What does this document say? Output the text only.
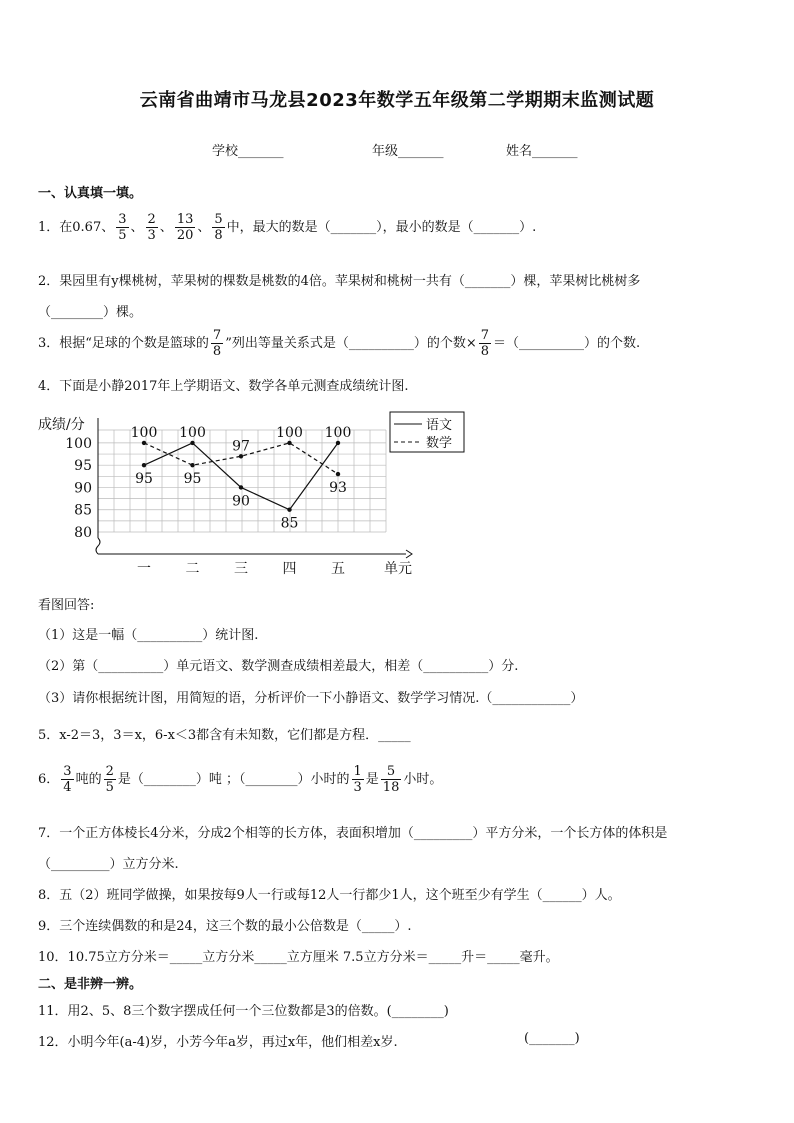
云南省曲靖市马龙县2023年数学五年级第二学期期末监测试题
学校_______	年级_______	姓名_______
一、认真填一填。
1．在0.67、 $\frac{3}{5}$ 、 $\frac{2}{3}$ 、 $\frac{13}{20}$ 、 $\frac{5}{8}$ 中，最大的数是（_______），最小的数是（_______）.
2．果园里有y棵桃树，苹果树的棵数是桃数的4倍。苹果树和桃树一共有（_______）棵，苹果树比桃树多
（________）棵。
3．根据“足球的个数是篮球的 $\frac{7}{8}$ ”列出等量关系式是（__________）的个数× $\frac{7}{8}$ ＝（__________）的个数.
4．下面是小静2017年上学期语文、数学各单元测查成绩统计图.
成绩/分
单元
80
85
90
95
100
一 二 三 四 五
95
100 100
95
90
97
85
100 100
93
语文
数学
看图回答:
（1）这是一幅（__________）统计图.
（2）第（__________）单元语文、数学测查成绩相差最大，相差（__________）分.
（3）请你根据统计图，用简短的语，分析评价一下小静语文、数学学习情况.（____________）
5．x-2＝3，3＝x，6-x＜3都含有未知数，它们都是方程．_____
6． $\frac{3}{4}$ 吨的 $\frac{2}{5}$ 是（________）吨 ；（________）小时的 $\frac{1}{3}$ 是 $\frac{5}{18}$ 小时。
7．一个正方体棱长4分米，分成2个相等的长方体，表面积增加（_________）平方分米，一个长方体的体积是
（_________）立方分米.
8．五（2）班同学做操，如果按每9人一行或每12人一行都少1人，这个班至少有学生（______）人。
9．三个连续偶数的和是24，这三个数的最小公倍数是（_____）.
10．10.75立方分米＝_____立方分米_____立方厘米 7.5立方分米＝_____升＝_____毫升。
二、是非辨一辨。
11．用2、5、8三个数字摆成任何一个三位数都是3的倍数。(________)
12．小明今年(a-4)岁，小芳今年a岁，再过x年，他们相差x岁.	(_______)
